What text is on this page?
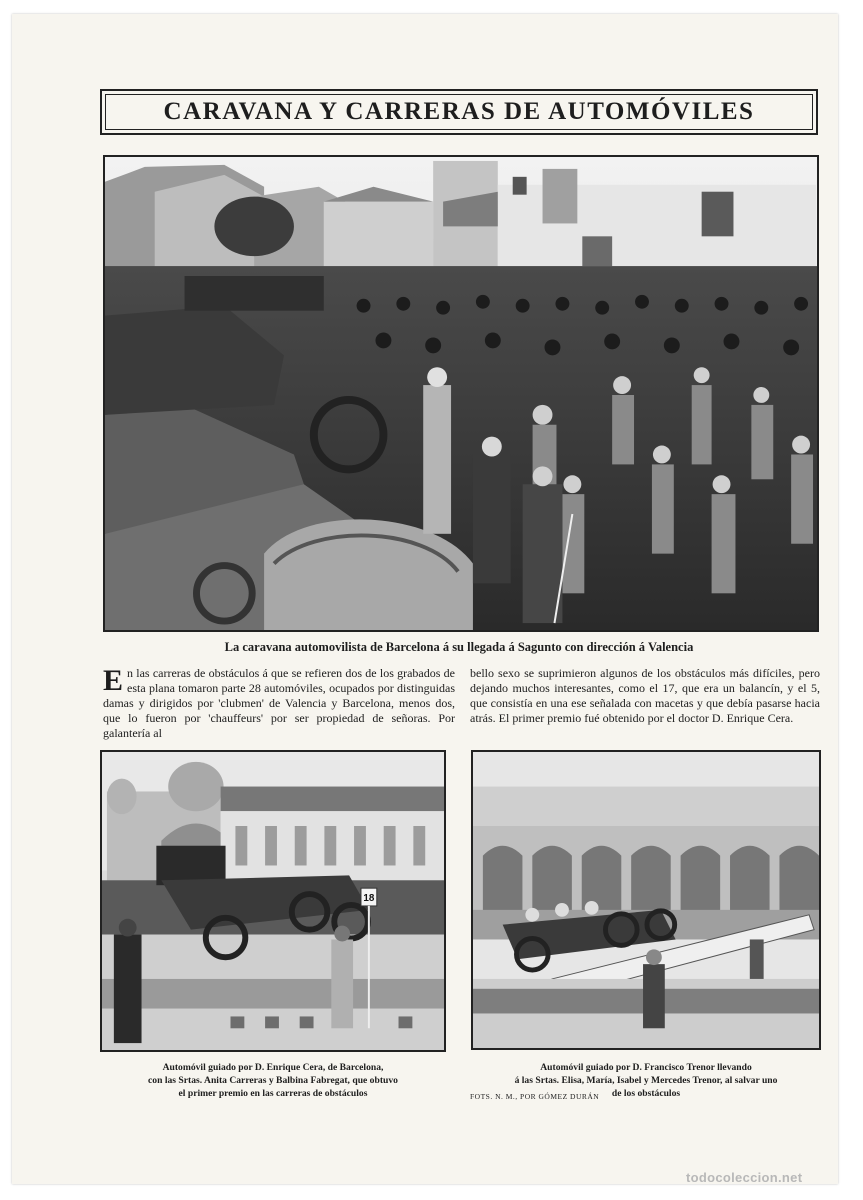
CARAVANA Y CARRERAS DE AUTOMÓVILES
La caravana automovilista de Barcelona á su llegada á Sagunto con dirección á Valencia
En las carreras de obstáculos á que se refieren dos de los grabados de esta plana tomaron parte 28 automóviles, ocupados por distinguidas damas y dirigidos por 'clubmen' de Valencia y Barcelona, menos dos, que lo fueron por 'chauffeurs' por ser propiedad de señoras. Por galantería al
bello sexo se suprimieron algunos de los obstáculos más difíciles, pero dejando muchos interesantes, como el 17, que era un balancín, y el 5, que consistía en una ese señalada con macetas y que debía pasarse hacia atrás. El primer premio fué obtenido por el doctor D. Enrique Cera.
18
Automóvil guiado por D. Enrique Cera, de Barcelona,
con las Srtas. Anita Carreras y Balbina Fabregat, que obtuvo
el primer premio en las carreras de obstáculos
Automóvil guiado por D. Francisco Trenor llevando
á las Srtas. Elisa, María, Isabel y Mercedes Trenor, al salvar uno
de los obstáculos
FOTS. N. M., POR GÓMEZ DURÁN
todocoleccion.net
